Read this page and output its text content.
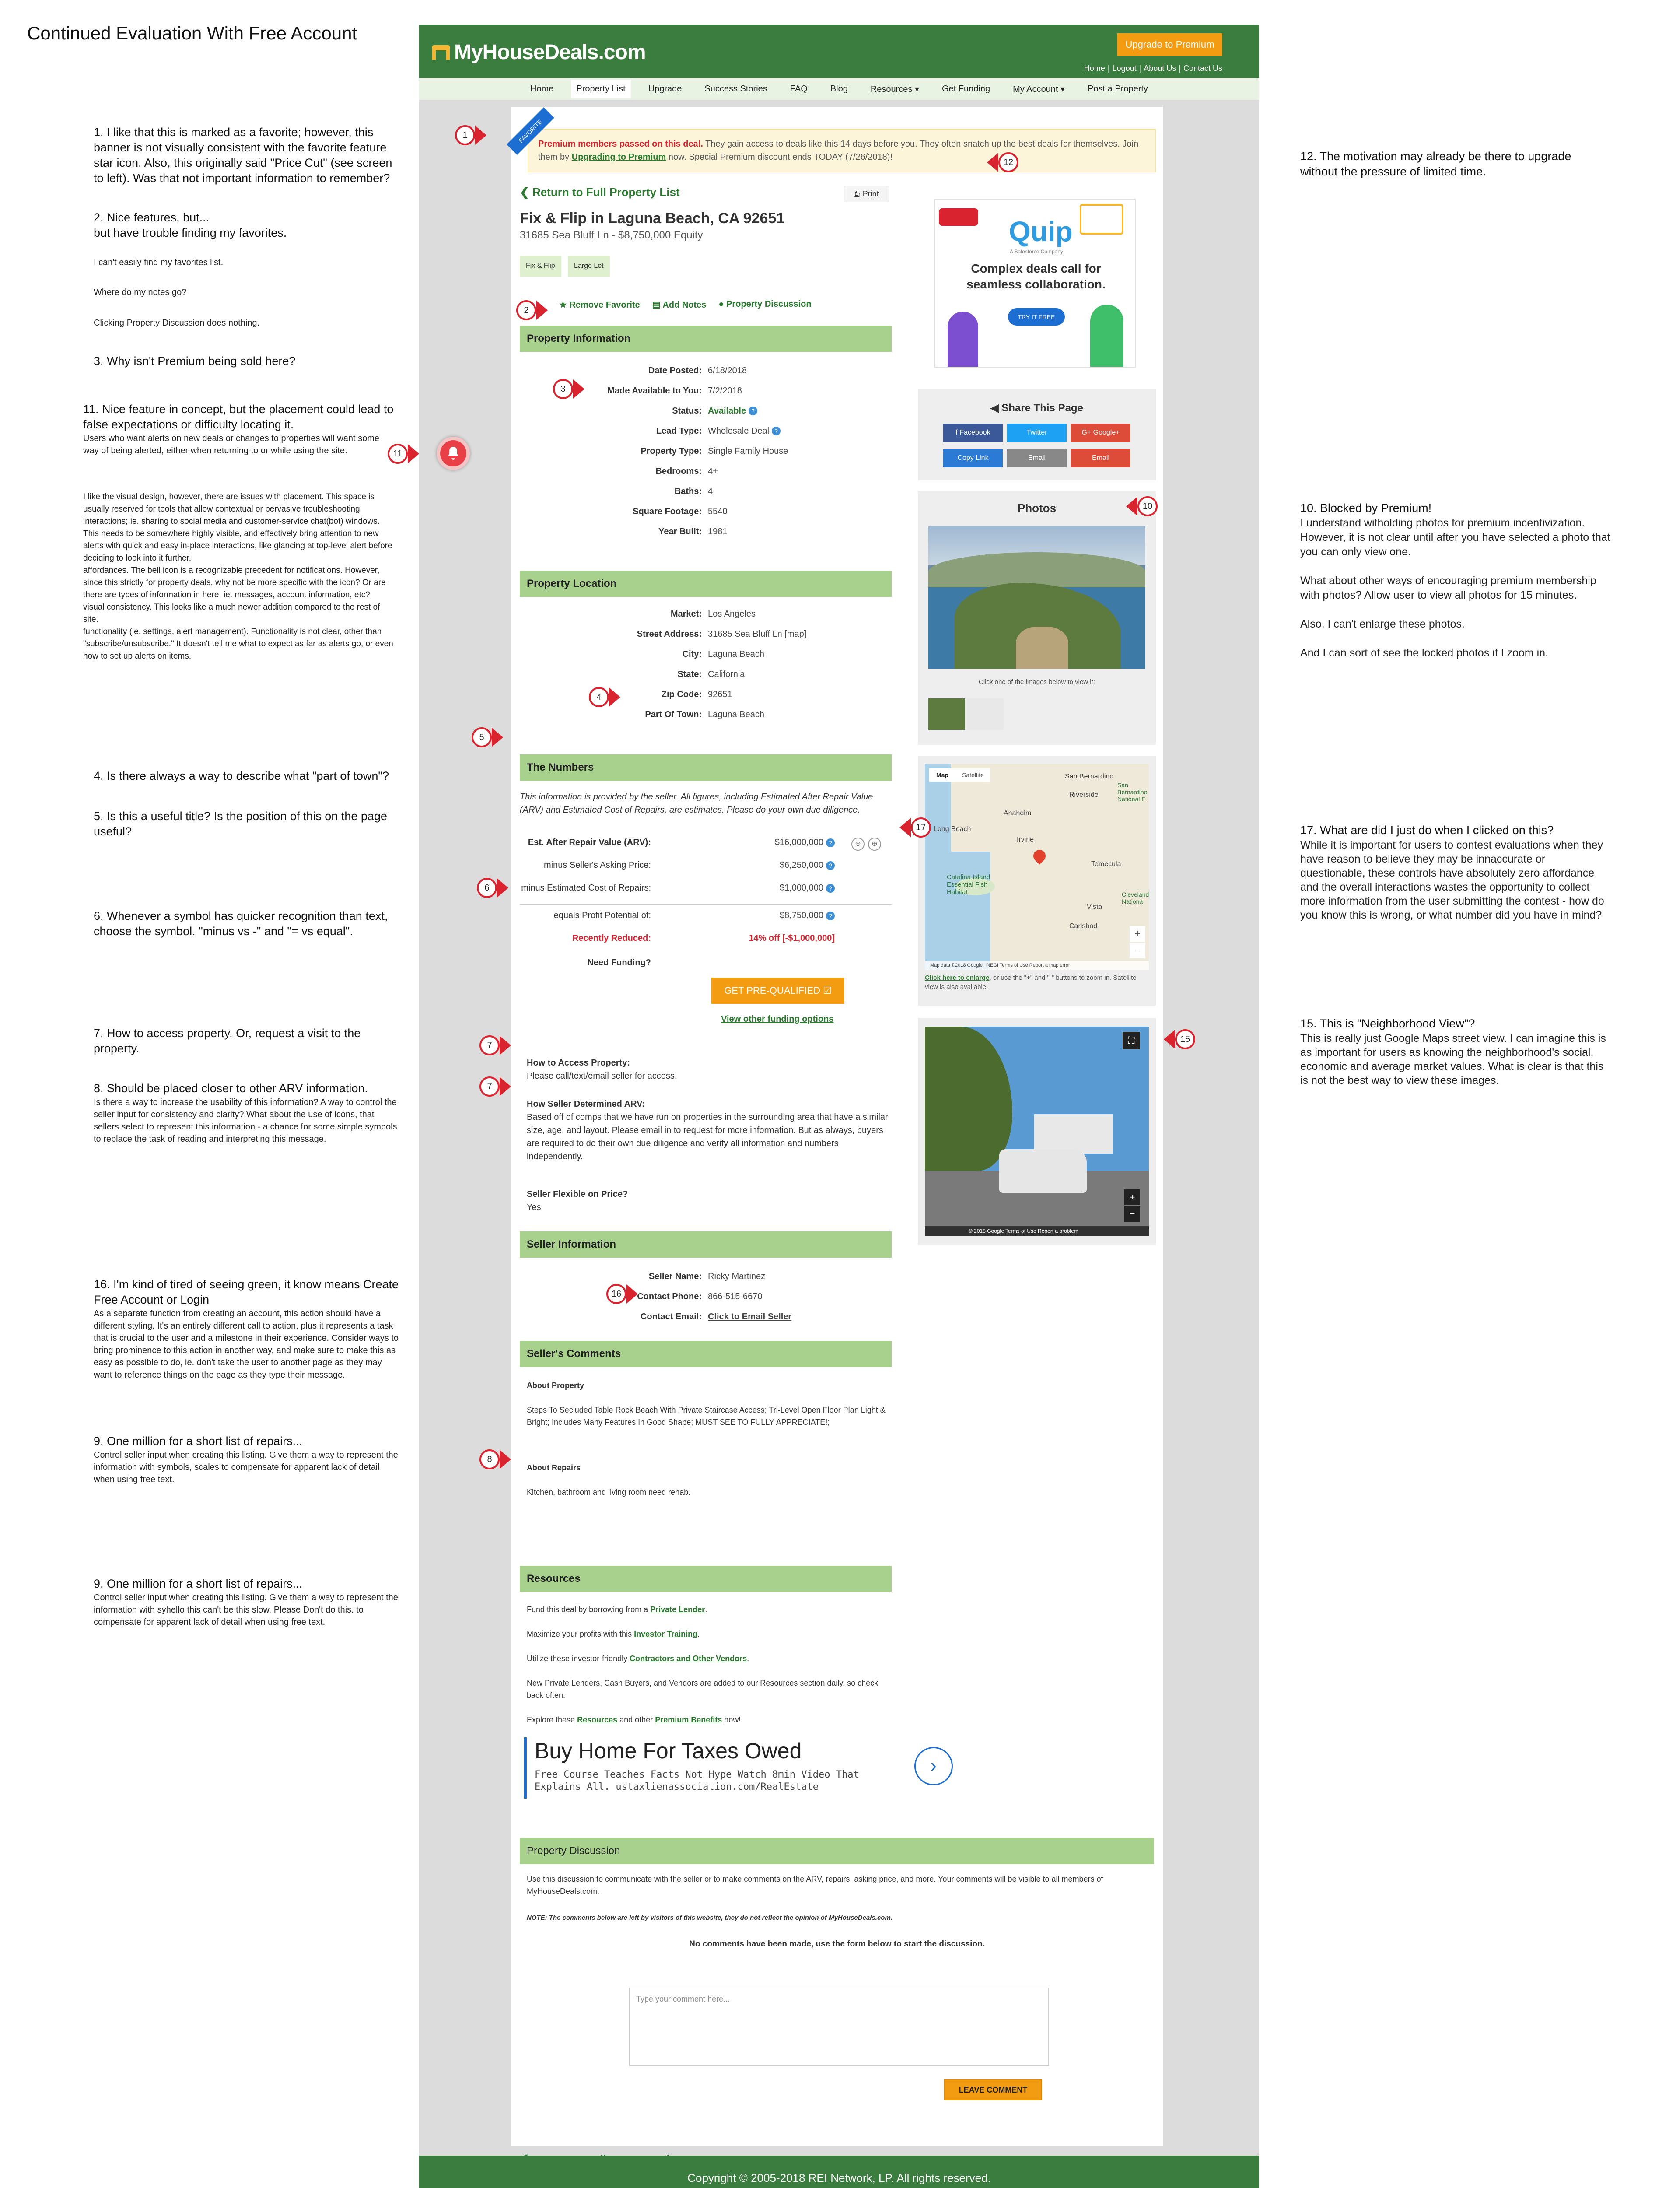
Continued Evaluation With Free Account
1. I like that this is marked as a favorite; however, this banner is not visually consistent with the favorite feature star icon. Also, this originally said "Price Cut" (see screen to left). Was that not important information to remember?
2. Nice features, but...
but have trouble finding my favorites.
I can't easily find my favorites list.
Where do my notes go?
Clicking Property Discussion does nothing.
3. Why isn't Premium being sold here?
11. Nice feature in concept, but the placement could lead to false expectations or difficulty locating it.
Users who want alerts on new deals or changes to properties will want some way of being alerted, either when returning to or while using the site.

I like the visual design, however, there are issues with placement. This space is usually reserved for tools that allow contextual or pervasive troubleshooting interactions; ie. sharing to social media and customer-service chat(bot) windows. This needs to be somewhere highly visible, and effectively bring attention to new alerts with quick and easy in-place interactions, like glancing at top-level alert before deciding to look into it further.
affordances. The bell icon is a recognizable precedent for notifications. However, since this strictly for property deals, why not be more specific with the icon? Or are there are types of information in here, ie. messages, account information, etc?
visual consistency. This looks like a much newer addition compared to the rest of site.
functionality (ie. settings, alert management). Functionality is not clear, other than "subscribe/unsubscribe." It doesn't tell me what to expect as far as alerts go, or even how to set up alerts on items.

4. Is there always a way to describe what "part of town"?
5. Is this a useful title? Is the position of this on the page useful?
6. Whenever a symbol has quicker recognition than text, choose the symbol. "minus vs -" and "= vs equal".
7. How to access property. Or, request a visit to the property.
8. Should be placed closer to other ARV information.
Is there a way to increase the usability of this information? A way to control the seller input for consistency and clarity? What about the use of icons, that sellers select to represent this information - a chance for some simple symbols to replace the task of reading and interpreting this message.
16. I'm kind of tired of seeing green, it know means Create Free Account or Login
As a separate function from creating an account, this action should have a different styling. It's an entirely different call to action, plus it represents a task that is crucial to the user and a milestone in their experience. Consider ways to bring prominence to this action in another way, and make sure to make this as easy as possible to do, ie. don't take the user to another page as they may want to reference things on the page as they type their message.
9. One million for a short list of repairs...
Control seller input when creating this listing. Give them a way to represent the information with symbols, scales to compensate for apparent lack of detail when using free text.
9. One million for a short list of repairs...
Control seller input when creating this listing. Give them a way to represent the information with syhello this can't be this slow. Please Don't do this. to compensate for apparent lack of detail when using free text.
12. The motivation may already be there to upgrade without the pressure of limited time.
10. Blocked by Premium!
I understand witholding photos for premium incentivization. However, it is not clear until after you have selected a photo that you can only view one.

What about other ways of encouraging premium membership with photos? Allow user to view all photos for 15 minutes.

Also, I can't enlarge these photos.

And I can sort of see the locked photos if I zoom in.
17. What are did I just do when I clicked on this?
While it is important for users to contest evaluations when they have reason to believe they may be innaccurate or questionable, these controls have absolutely zero affordance and the overall interactions wastes the opportunity to collect more information from the user submitting the contest - how do you know this is wrong, or what number did you have in mind?
15. This is "Neighborhood View"?
This is really just Google Maps street view. I can imagine this is as important for users as knowing the neighborhood's social, economic and average market values. What is clear is that this is not the best way to view these images.
MyHouseDeals.com	Upgrade to Premium
Home | Logout | About Us | Contact Us
Home	Property List	Upgrade	Success Stories	FAQ	Blog	Resources ▾	Get Funding	My Account ▾	Post a Property
Premium members passed on this deal. They gain access to deals like this 14 days before you. They often snatch up the best deals for themselves. Join them by Upgrading to Premium now. Special Premium discount ends TODAY (7/26/2018)!
FAVORITE
❮ Return to Full Property List	⎙ Print
Fix & Flip in Laguna Beach, CA 92651
31685 Sea Bluff Ln - $8,750,000 Equity
Fix & Flip	Large Lot
★ Remove Favorite ▤ Add Notes ● Property Discussion
Property Information
Date Posted: 6/18/2018
Made Available to You: 7/2/2018
Status: Available ?
Lead Type: Wholesale Deal ?
Property Type: Single Family House
Bedrooms: 4+
Baths: 4
Square Footage: 5540
Year Built: 1981
Property Location
Market: Los Angeles
Street Address: 31685 Sea Bluff Ln [map]
City: Laguna Beach
State: California
Zip Code: 92651
Part Of Town: Laguna Beach
The Numbers
This information is provided by the seller. All figures, including Estimated After Repair Value (ARV) and Estimated Cost of Repairs, are estimates. Please do your own due diligence.
Est. After Repair Value (ARV):	$16,000,000 ?
minus Seller's Asking Price:	$6,250,000 ?
minus Estimated Cost of Repairs:	$1,000,000 ?
equals Profit Potential of:	$8,750,000 ?
Recently Reduced:	14% off [-$1,000,000]
Need Funding?
⊖	⊕
GET PRE-QUALIFIED ☑
View other funding options
How to Access Property:
Please call/text/email seller for access.
How Seller Determined ARV:
Based off of comps that we have run on properties in the surrounding area that have a similar size, age, and layout. Please email in to request for more information. But as always, buyers are required to do their own due diligence and verify all information and numbers independently.
Seller Flexible on Price?
Yes
Seller Information
Seller Name: Ricky Martinez
Contact Phone: 866-515-6670
Contact Email: Click to Email Seller
Seller's Comments
About Property

Steps To Secluded Table Rock Beach With Private Staircase Access; Tri-Level Open Floor Plan Light & Bright; Includes Many Features In Good Shape; MUST SEE TO FULLY APPRECIATE!;
About Repairs

Kitchen, bathroom and living room need rehab.
Resources

Fund this deal by borrowing from a Private Lender.

Maximize your profits with this Investor Training.

Utilize these investor-friendly Contractors and Other Vendors.

New Private Lenders, Cash Buyers, and Vendors are added to our Resources section daily, so check back often.

Explore these Resources and other Premium Benefits now!

Buy Home For Taxes Owed
Free Course Teaches Facts Not Hype Watch 8min Video That Explains All. ustaxlienassociation.com/RealEstate
›
Property Discussion
Use this discussion to communicate with the seller or to make comments on the ARV, repairs, asking price, and more. Your comments will be visible to all members of MyHouseDeals.com.
NOTE: The comments below are left by visitors of this website, they do not reflect the opinion of MyHouseDeals.com.
No comments have been made, use the form below to start the discussion.
Type your comment here...
LEAVE COMMENT
Quip
A Salesforce Company
Complex deals call for seamless collaboration.
TRY IT FREE
◀ Share This Page
f Facebook	Twitter	G+ Google+
Copy Link	Email	Email
Photos
Click one of the images below to view it:
Map	Satellite	San Bernardino
Riverside
Anaheim
Irvine
Long Beach
Temecula
Catalina Island Essential Fish Habitat
Vista
Carlsbad
San Bernardino National F
Cleveland Nationa
+
−
Map data ©2018 Google, INEGI Terms of Use Report a map error
Click here to enlarge, or use the "+" and "-" buttons to zoom in. Satellite view is also available.
⛶
+
−
© 2018 Google Terms of Use Report a problem
Copyright © 2005-2018 REI Network, LP. All rights reserved.
1
2
3
4
5
6
7
7
8
10
11
12
15
16
17
